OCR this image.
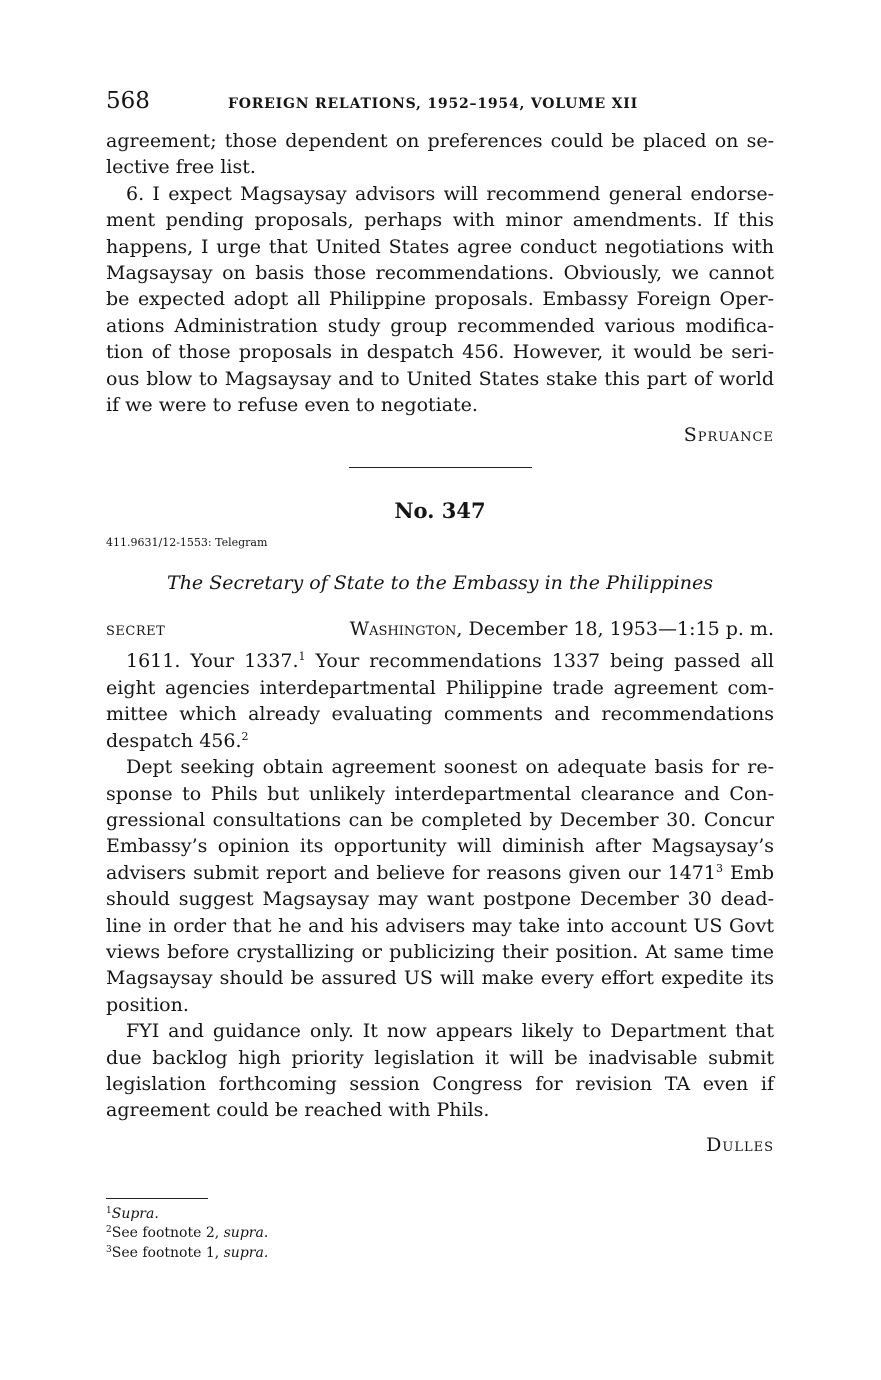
568	FOREIGN RELATIONS, 1952–1954, VOLUME XII

agreement; those dependent on preferences could be placed on selective free list.

6. I expect Magsaysay advisors will recommend general endorsement pending proposals, perhaps with minor amendments. If this happens, I urge that United States agree conduct negotiations with Magsaysay on basis those recommendations. Obviously, we cannot be expected adopt all Philippine proposals. Embassy Foreign Operations Administration study group recommended various modification of those proposals in despatch 456. However, it would be serious blow to Magsaysay and to United States stake this part of world if we were to refuse even to negotiate.

Spruance
No. 347
411.9631/12-1553: Telegram
The Secretary of State to the Embassy in the Philippines
SECRET	Washington, December 18, 1953—1:15 p. m.

1611. Your 1337.$^1$ Your recommendations 1337 being passed all eight agencies interdepartmental Philippine trade agreement committee which already evaluating comments and recommendations despatch 456.$^2$

Dept seeking obtain agreement soonest on adequate basis for response to Phils but unlikely interdepartmental clearance and Congressional consultations can be completed by December 30. Concur Embassy’s opinion its opportunity will diminish after Magsaysay’s advisers submit report and believe for reasons given our 1471$^3$ Emb should suggest Magsaysay may want postpone December 30 deadline in order that he and his advisers may take into account US Govt views before crystallizing or publicizing their position. At same time Magsaysay should be assured US will make every effort expedite its position.

FYI and guidance only. It now appears likely to Department that due backlog high priority legislation it will be inadvisable submit legislation forthcoming session Congress for revision TA even if agreement could be reached with Phils.

Dulles
$^1$Supra.
$^2$See footnote 2, supra.
$^3$See footnote 1, supra.
